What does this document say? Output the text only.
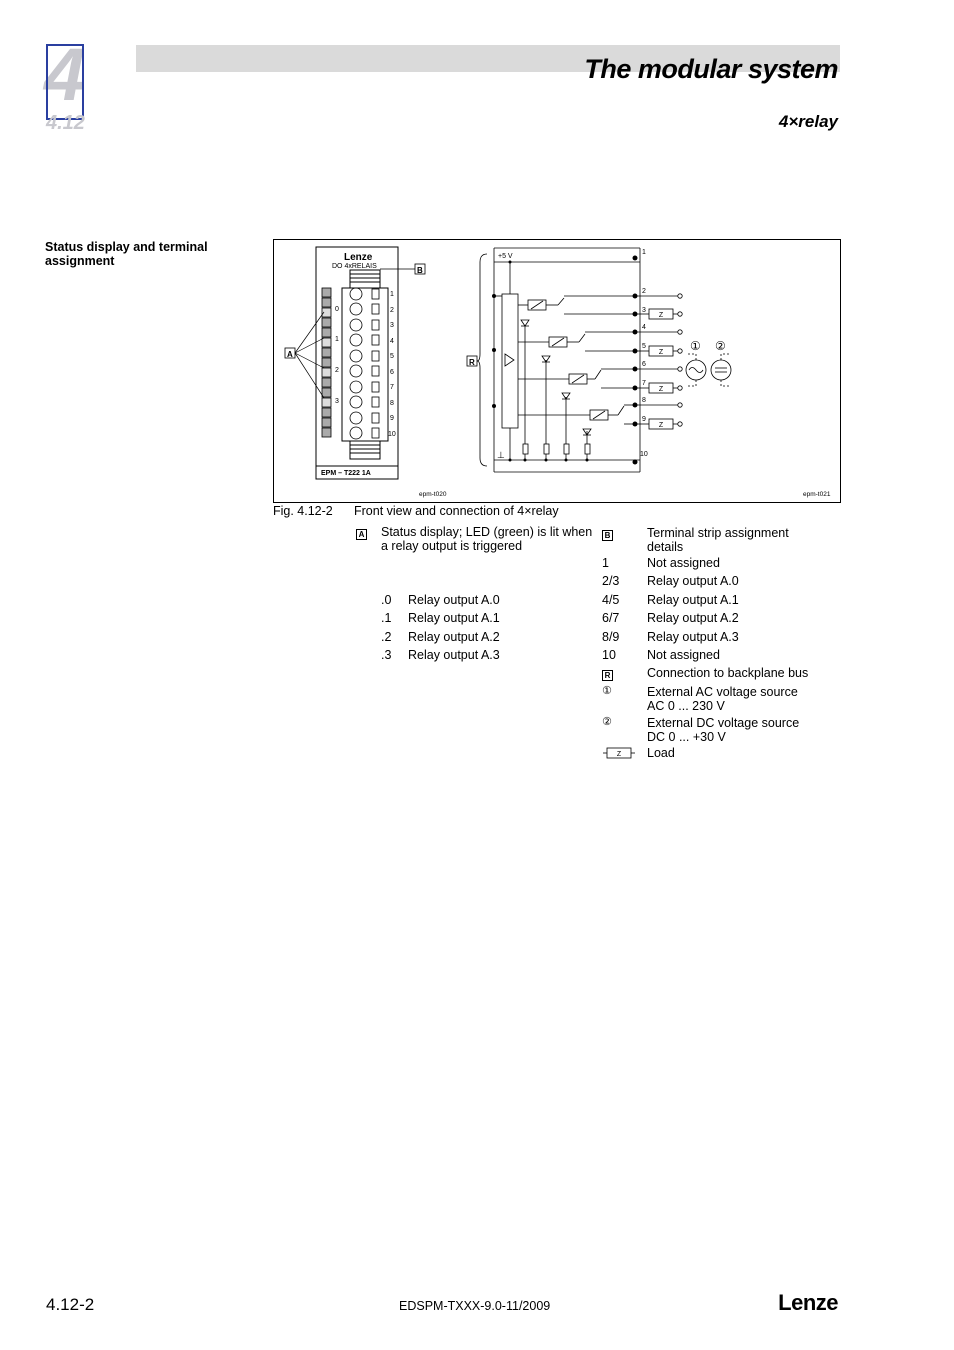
4
4.12
The modular system
4×relay
Status display and terminal assignment	Lenze
DO 4xRELAIS
EPM – T222 1A
0
1
2
3
1
2
3
4
5
6
7
8
9
10
A
B
R
+5 V
⊥
1
2
3
4
5
6
7
8
9
10
Z
Z
Z
Z
① ②
epm-t020	epm-t021
Fig. 4.12-2 Front view and connection of 4×relay
A Status display; LED (green) is lit when a relay output is triggered
.0 Relay output A.0
.1 Relay output A.1
.2 Relay output A.2
.3 Relay output A.3
B	Terminal strip assignment details
1	Not assigned
2/3 Relay output A.0
4/5 Relay output A.1
6/7 Relay output A.2
8/9 Relay output A.3
10 Not assigned
R	Connection to backplane bus
①	External AC voltage source
AC 0 ... 230 V
②	External DC voltage source
DC 0 ... +30 V
Z Load
4.12-2	EDSPM-TXXX-9.0-11/2009	Lenze
